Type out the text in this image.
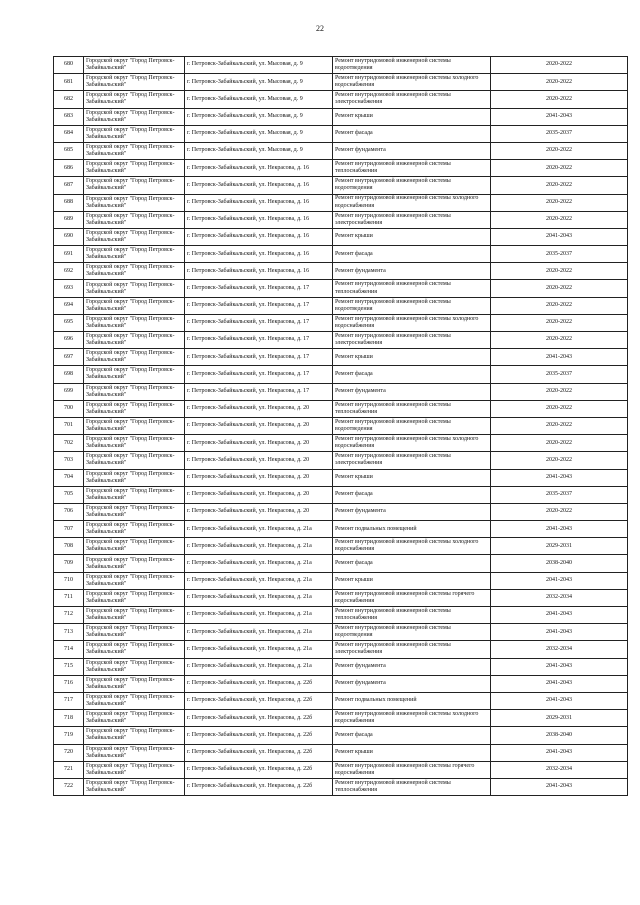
22
680	Городской округ "Город Петровск-Забайкальский"	г. Петровск-Забайкальский, ул. Мысовая, д. 9	Ремонт внутридомовой инженерной системы водоотведения	2020-2022
681	Городской округ "Город Петровск-Забайкальский"	г. Петровск-Забайкальский, ул. Мысовая, д. 9	Ремонт внутридомовой инженерной системы холодного водоснабжения	2020-2022
682	Городской округ "Город Петровск-Забайкальский"	г. Петровск-Забайкальский, ул. Мысовая, д. 9	Ремонт внутридомовой инженерной системы электроснабжения	2020-2022
683	Городской округ "Город Петровск-Забайкальский"	г. Петровск-Забайкальский, ул. Мысовая, д. 9	Ремонт крыши	2041-2043
684	Городской округ "Город Петровск-Забайкальский"	г. Петровск-Забайкальский, ул. Мысовая, д. 9	Ремонт фасада	2035-2037
685	Городской округ "Город Петровск-Забайкальский"	г. Петровск-Забайкальский, ул. Мысовая, д. 9	Ремонт фундамента	2020-2022
686	Городской округ "Город Петровск-Забайкальский"	г. Петровск-Забайкальский, ул. Некрасова, д. 16	Ремонт внутридомовой инженерной системы теплоснабжения	2020-2022
687	Городской округ "Город Петровск-Забайкальский"	г. Петровск-Забайкальский, ул. Некрасова, д. 16	Ремонт внутридомовой инженерной системы водоотведения	2020-2022
688	Городской округ "Город Петровск-Забайкальский"	г. Петровск-Забайкальский, ул. Некрасова, д. 16	Ремонт внутридомовой инженерной системы холодного водоснабжения	2020-2022
689	Городской округ "Город Петровск-Забайкальский"	г. Петровск-Забайкальский, ул. Некрасова, д. 16	Ремонт внутридомовой инженерной системы электроснабжения	2020-2022
690	Городской округ "Город Петровск-Забайкальский"	г. Петровск-Забайкальский, ул. Некрасова, д. 16	Ремонт крыши	2041-2043
691	Городской округ "Город Петровск-Забайкальский"	г. Петровск-Забайкальский, ул. Некрасова, д. 16	Ремонт фасада	2035-2037
692	Городской округ "Город Петровск-Забайкальский"	г. Петровск-Забайкальский, ул. Некрасова, д. 16	Ремонт фундамента	2020-2022
693	Городской округ "Город Петровск-Забайкальский"	г. Петровск-Забайкальский, ул. Некрасова, д. 17	Ремонт внутридомовой инженерной системы теплоснабжения	2020-2022
694	Городской округ "Город Петровск-Забайкальский"	г. Петровск-Забайкальский, ул. Некрасова, д. 17	Ремонт внутридомовой инженерной системы водоотведения	2020-2022
695	Городской округ "Город Петровск-Забайкальский"	г. Петровск-Забайкальский, ул. Некрасова, д. 17	Ремонт внутридомовой инженерной системы холодного водоснабжения	2020-2022
696	Городской округ "Город Петровск-Забайкальский"	г. Петровск-Забайкальский, ул. Некрасова, д. 17	Ремонт внутридомовой инженерной системы электроснабжения	2020-2022
697	Городской округ "Город Петровск-Забайкальский"	г. Петровск-Забайкальский, ул. Некрасова, д. 17	Ремонт крыши	2041-2043
698	Городской округ "Город Петровск-Забайкальский"	г. Петровск-Забайкальский, ул. Некрасова, д. 17	Ремонт фасада	2035-2037
699	Городской округ "Город Петровск-Забайкальский"	г. Петровск-Забайкальский, ул. Некрасова, д. 17	Ремонт фундамента	2020-2022
700	Городской округ "Город Петровск-Забайкальский"	г. Петровск-Забайкальский, ул. Некрасова, д. 20	Ремонт внутридомовой инженерной системы теплоснабжения	2020-2022
701	Городской округ "Город Петровск-Забайкальский"	г. Петровск-Забайкальский, ул. Некрасова, д. 20	Ремонт внутридомовой инженерной системы водоотведения	2020-2022
702	Городской округ "Город Петровск-Забайкальский"	г. Петровск-Забайкальский, ул. Некрасова, д. 20	Ремонт внутридомовой инженерной системы холодного водоснабжения	2020-2022
703	Городской округ "Город Петровск-Забайкальский"	г. Петровск-Забайкальский, ул. Некрасова, д. 20	Ремонт внутридомовой инженерной системы электроснабжения	2020-2022
704	Городской округ "Город Петровск-Забайкальский"	г. Петровск-Забайкальский, ул. Некрасова, д. 20	Ремонт крыши	2041-2043
705	Городской округ "Город Петровск-Забайкальский"	г. Петровск-Забайкальский, ул. Некрасова, д. 20	Ремонт фасада	2035-2037
706	Городской округ "Город Петровск-Забайкальский"	г. Петровск-Забайкальский, ул. Некрасова, д. 20	Ремонт фундамента	2020-2022
707	Городской округ "Город Петровск-Забайкальский"	г. Петровск-Забайкальский, ул. Некрасова, д. 21а	Ремонт подвальных помещений	2041-2043
708	Городской округ "Город Петровск-Забайкальский"	г. Петровск-Забайкальский, ул. Некрасова, д. 21а	Ремонт внутридомовой инженерной системы холодного водоснабжения	2029-2031
709	Городской округ "Город Петровск-Забайкальский"	г. Петровск-Забайкальский, ул. Некрасова, д. 21а	Ремонт фасада	2038-2040
710	Городской округ "Город Петровск-Забайкальский"	г. Петровск-Забайкальский, ул. Некрасова, д. 21а	Ремонт крыши	2041-2043
711	Городской округ "Город Петровск-Забайкальский"	г. Петровск-Забайкальский, ул. Некрасова, д. 21а	Ремонт внутридомовой инженерной системы горячего водоснабжения	2032-2034
712	Городской округ "Город Петровск-Забайкальский"	г. Петровск-Забайкальский, ул. Некрасова, д. 21а	Ремонт внутридомовой инженерной системы теплоснабжения	2041-2043
713	Городской округ "Город Петровск-Забайкальский"	г. Петровск-Забайкальский, ул. Некрасова, д. 21а	Ремонт внутридомовой инженерной системы водоотведения	2041-2043
714	Городской округ "Город Петровск-Забайкальский"	г. Петровск-Забайкальский, ул. Некрасова, д. 21а	Ремонт внутридомовой инженерной системы электроснабжения	2032-2034
715	Городской округ "Город Петровск-Забайкальский"	г. Петровск-Забайкальский, ул. Некрасова, д. 21а	Ремонт фундамента	2041-2043
716	Городской округ "Город Петровск-Забайкальский"	г. Петровск-Забайкальский, ул. Некрасова, д. 22б	Ремонт фундамента	2041-2043
717	Городской округ "Город Петровск-Забайкальский"	г. Петровск-Забайкальский, ул. Некрасова, д. 22б	Ремонт подвальных помещений	2041-2043
718	Городской округ "Город Петровск-Забайкальский"	г. Петровск-Забайкальский, ул. Некрасова, д. 22б	Ремонт внутридомовой инженерной системы холодного водоснабжения	2029-2031
719	Городской округ "Город Петровск-Забайкальский"	г. Петровск-Забайкальский, ул. Некрасова, д. 22б	Ремонт фасада	2038-2040
720	Городской округ "Город Петровск-Забайкальский"	г. Петровск-Забайкальский, ул. Некрасова, д. 22б	Ремонт крыши	2041-2043
721	Городской округ "Город Петровск-Забайкальский"	г. Петровск-Забайкальский, ул. Некрасова, д. 22б	Ремонт внутридомовой инженерной системы горячего водоснабжения	2032-2034
722	Городской округ "Город Петровск-Забайкальский"	г. Петровск-Забайкальский, ул. Некрасова, д. 22б	Ремонт внутридомовой инженерной системы теплоснабжения	2041-2043
